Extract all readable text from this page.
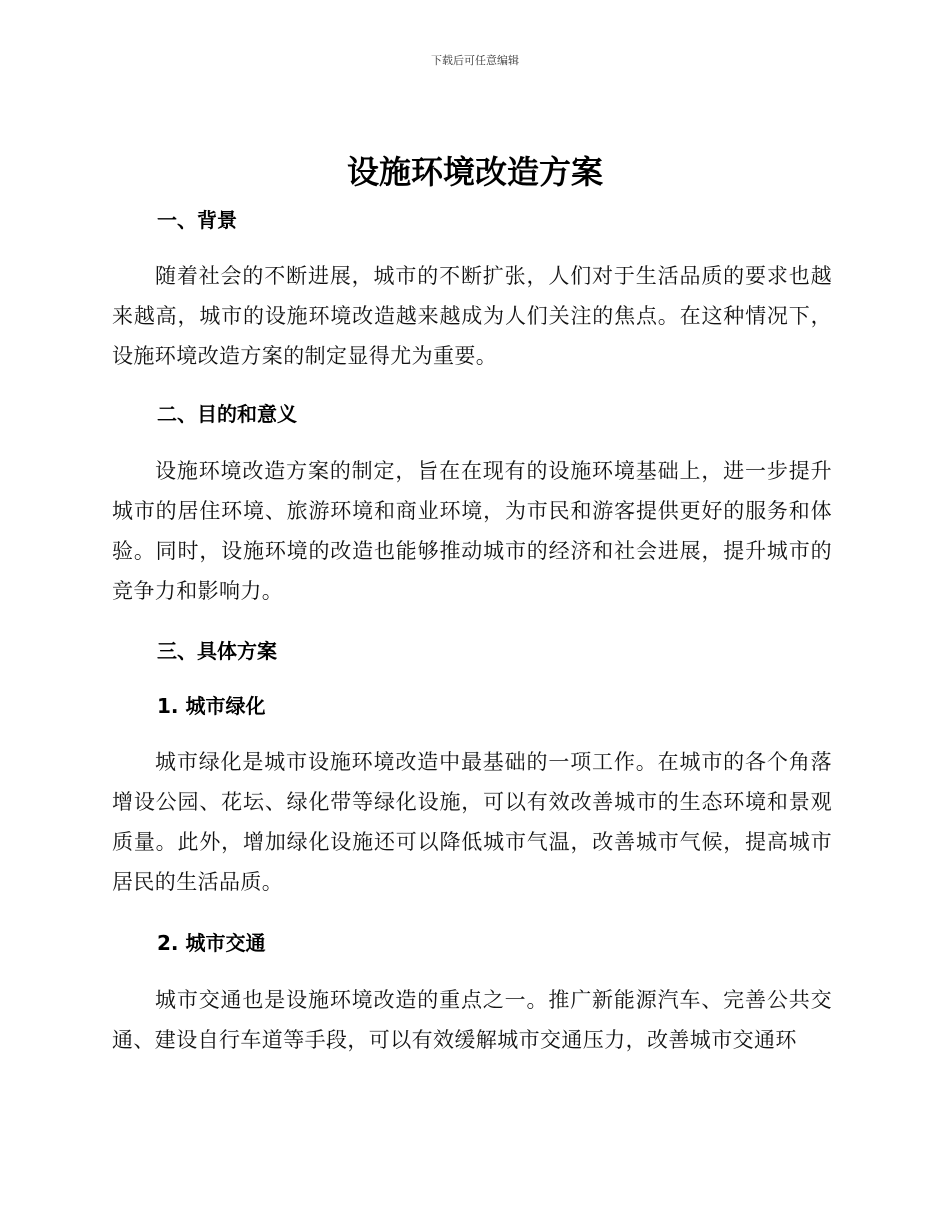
下载后可任意编辑
设施环境改造方案
一、背景
随着社会的不断进展，城市的不断扩张，人们对于生活品质的要求也越来越高，城市的设施环境改造越来越成为人们关注的焦点。在这种情况下，设施环境改造方案的制定显得尤为重要。
二、目的和意义
设施环境改造方案的制定，旨在在现有的设施环境基础上，进一步提升城市的居住环境、旅游环境和商业环境，为市民和游客提供更好的服务和体验。同时，设施环境的改造也能够推动城市的经济和社会进展，提升城市的竞争力和影响力。
三、具体方案
1. 城市绿化
城市绿化是城市设施环境改造中最基础的一项工作。在城市的各个角落增设公园、花坛、绿化带等绿化设施，可以有效改善城市的生态环境和景观质量。此外，增加绿化设施还可以降低城市气温，改善城市气候，提高城市居民的生活品质。
2. 城市交通
城市交通也是设施环境改造的重点之一。推广新能源汽车、完善公共交通、建设自行车道等手段，可以有效缓解城市交通压力，改善城市交通环
